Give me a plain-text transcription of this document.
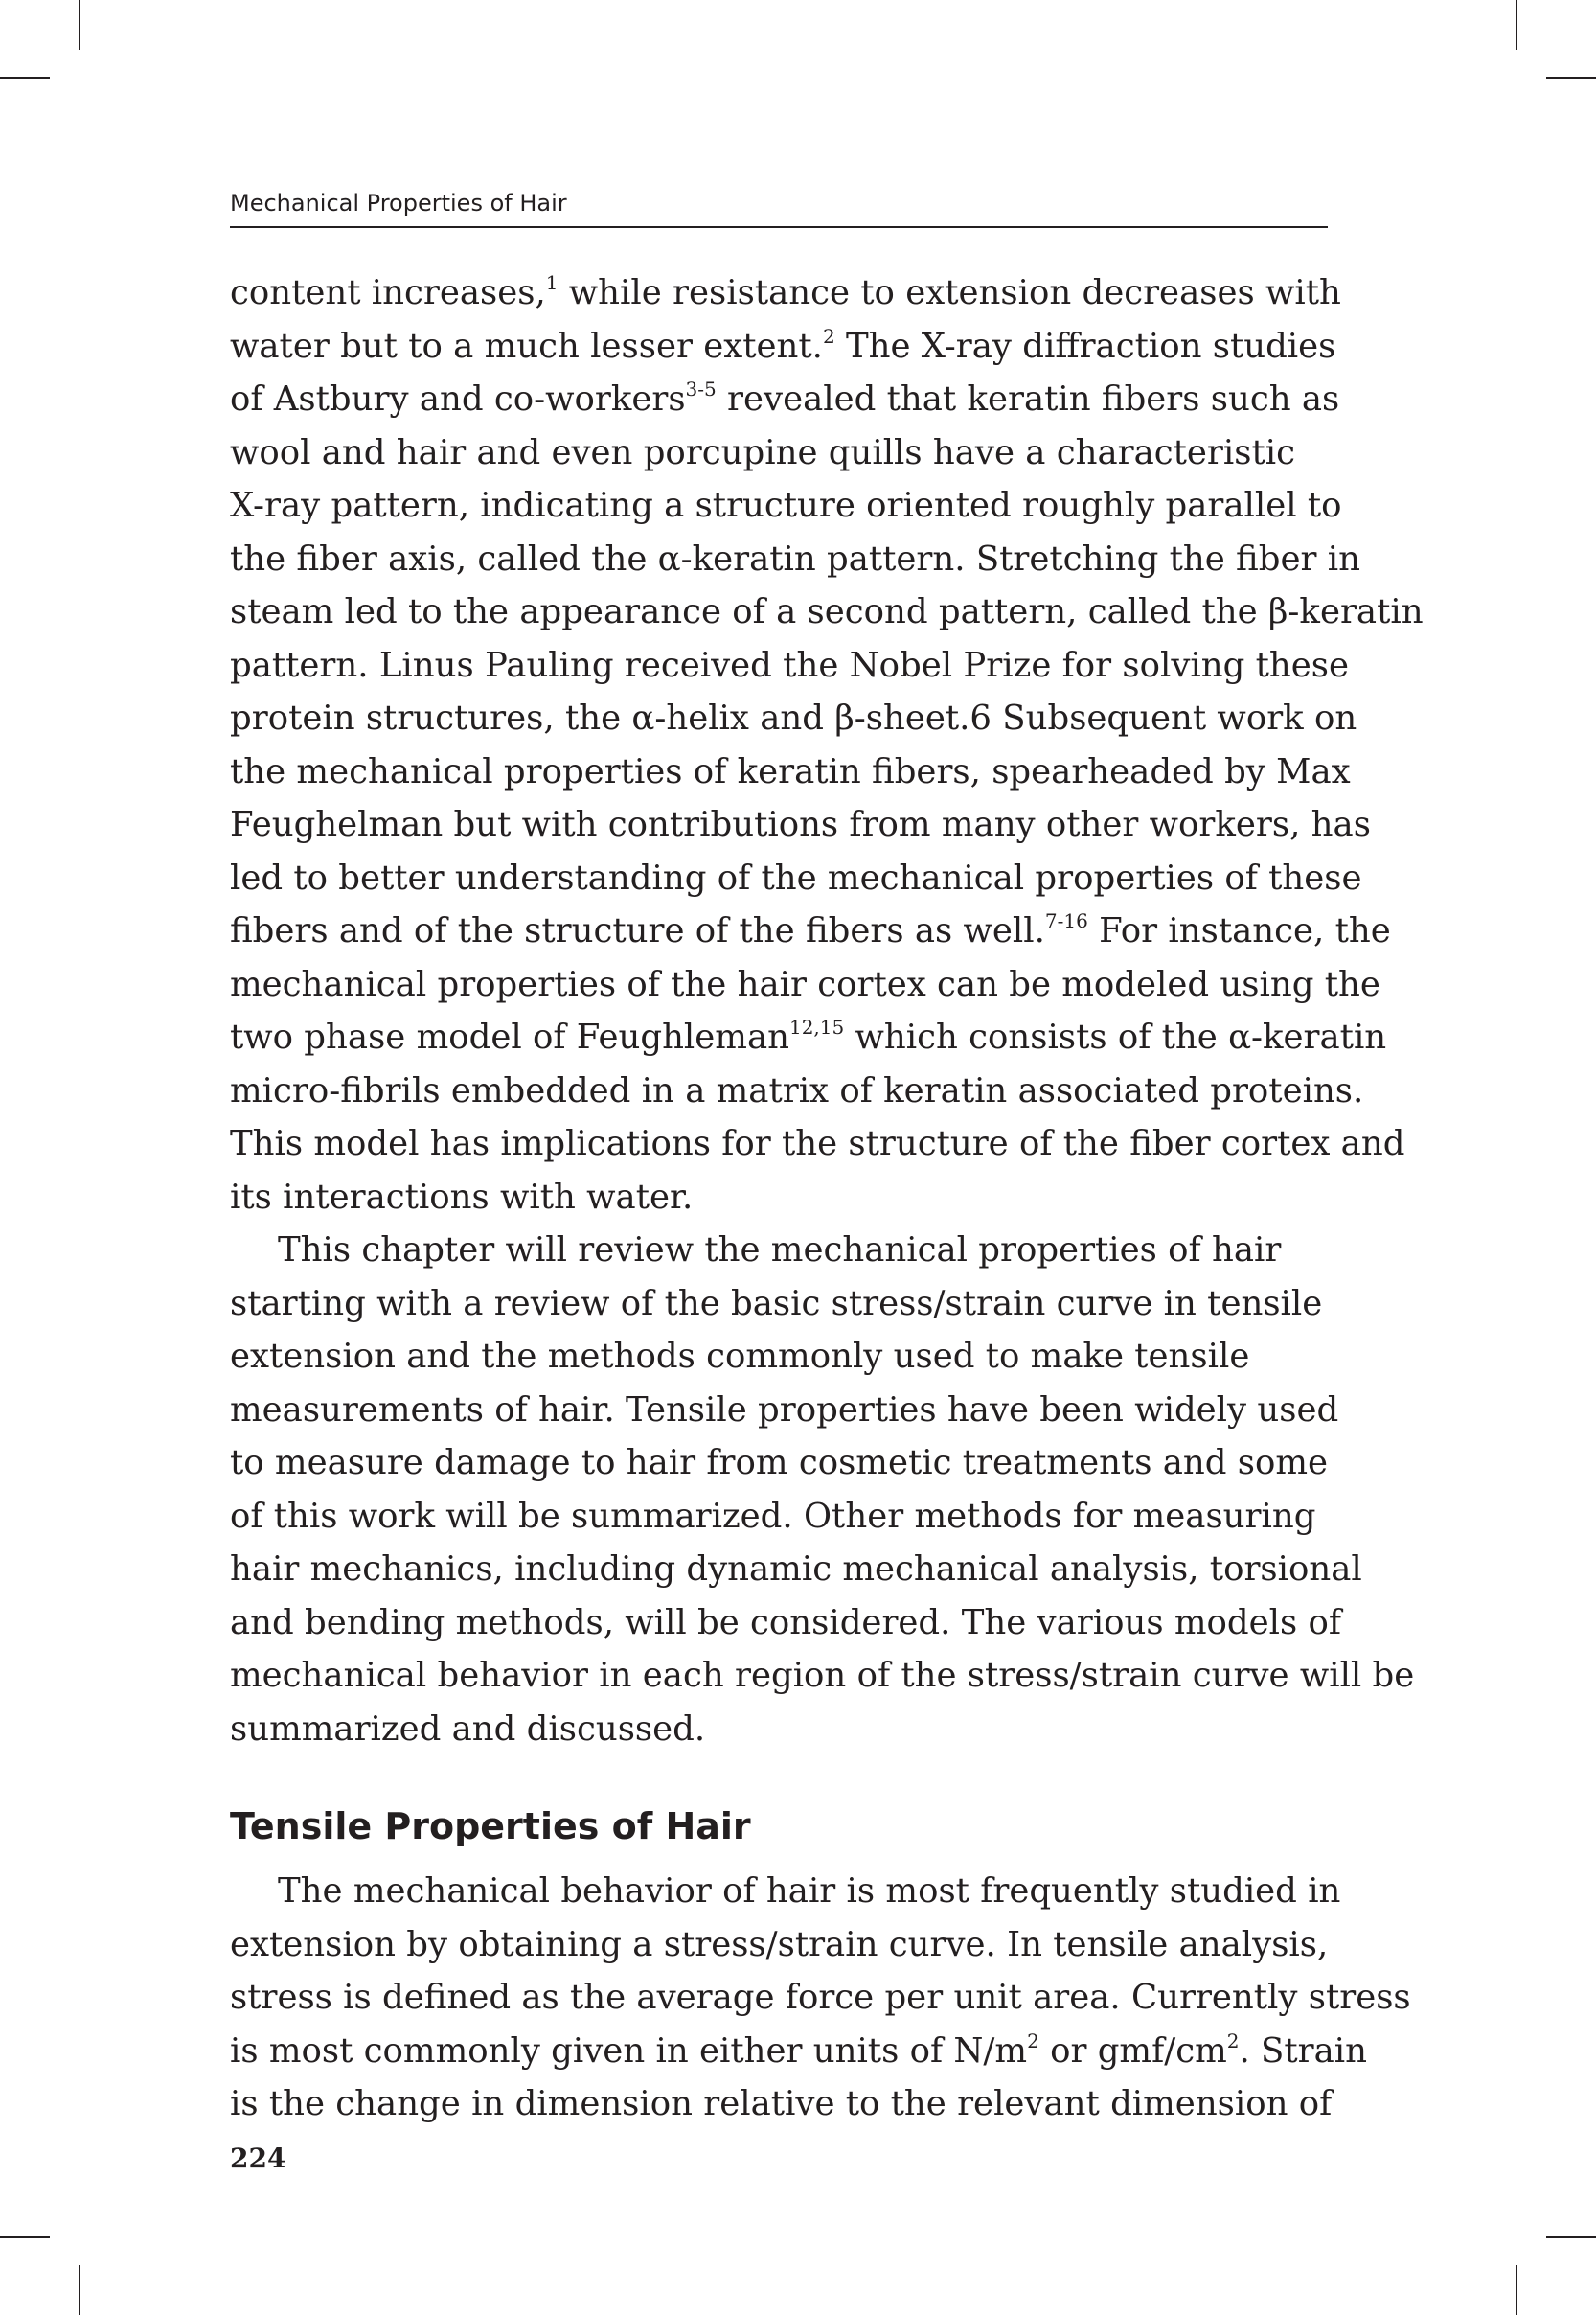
Mechanical Properties of Hair
content increases,$^1$ while resistance to extension decreases with
water but to a much lesser extent.$^2$ The X-ray diffraction studies
of Astbury and co-workers$^{3-5}$ revealed that keratin fibers such as
wool and hair and even porcupine quills have a characteristic
X-ray pattern, indicating a structure oriented roughly parallel to
the fiber axis, called the α-keratin pattern. Stretching the fiber in
steam led to the appearance of a second pattern, called the β-keratin
pattern. Linus Pauling received the Nobel Prize for solving these
protein structures, the α-helix and β-sheet.6 Subsequent work on
the mechanical properties of keratin fibers, spearheaded by Max
Feughelman but with contributions from many other workers, has
led to better understanding of the mechanical properties of these
fibers and of the structure of the fibers as well.$^{7-16}$ For instance, the
mechanical properties of the hair cortex can be modeled using the
two phase model of Feughleman$^{12,15}$ which consists of the α-keratin
micro-fibrils embedded in a matrix of keratin associated proteins.
This model has implications for the structure of the fiber cortex and
its interactions with water.
This chapter will review the mechanical properties of hair
starting with a review of the basic stress/strain curve in tensile
extension and the methods commonly used to make tensile
measurements of hair. Tensile properties have been widely used
to measure damage to hair from cosmetic treatments and some
of this work will be summarized. Other methods for measuring
hair mechanics, including dynamic mechanical analysis, torsional
and bending methods, will be considered. The various models of
mechanical behavior in each region of the stress/strain curve will be
summarized and discussed.
Tensile Properties of Hair
The mechanical behavior of hair is most frequently studied in
extension by obtaining a stress/strain curve. In tensile analysis,
stress is defined as the average force per unit area. Currently stress
is most commonly given in either units of $N/m^2$ or gmf/$cm^2$. Strain
is the change in dimension relative to the relevant dimension of
224
